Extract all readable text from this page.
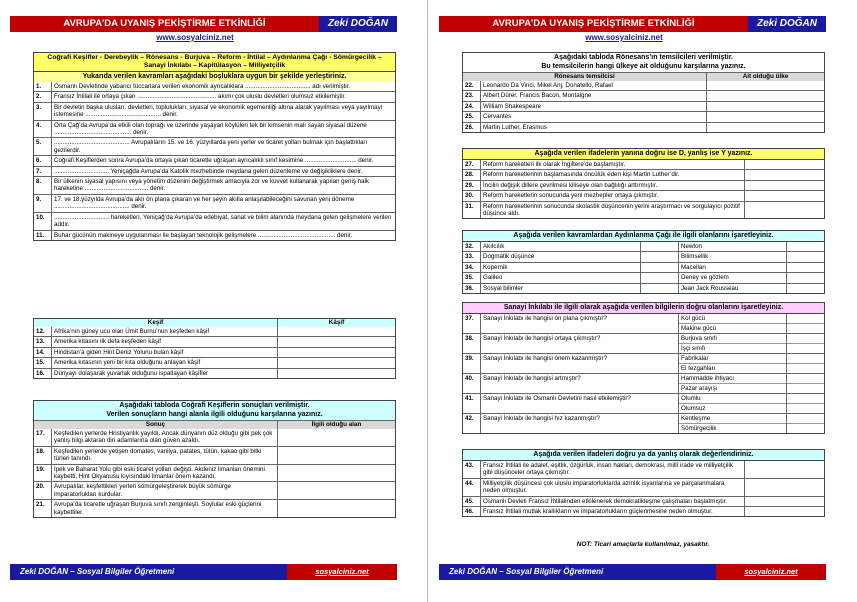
AVRUPA’DA UYANIŞ PEKİŞTİRME ETKİNLİĞİ	Zeki DOĞAN
www.sosyalciniz.net
Coğrafi Keşifler - Derebeylik – Rönesans - Burjuva – Reform - İhtilal – Aydınlanma Çağı - Sömürgecilik – Sanayi İnkılabı – Kapitülasyon – Milliyetçilik
Yukarıda verilen kavramları aşağıdaki boşluklara uygun bir şekilde yerleştiriniz.
1.	Osmanlı Devletinde yabancı tüccarlara verilen ekonomik ayrıcalıklara ...................................... adı verilmiştir.
2.	Fransız İhtilali ile ortaya çıkan .............................................. akımı çok uluslu devletleri olumsuz etkilemiştir.
3.	Bir devletin başka ulusları, devletleri, toplulukları, siyasal ve ekonomik egemenliği altına alarak yayılması veya yayılmayı istemesine ............................................ denir.
4.	Orta Çağ’da Avrupa’da etkili olan toprağı ve üzerinde yaşayan köylüleri tek bir kimsenin malı sayan siyasal düzene ............................................. denir.
5.	............................................ Avrupalıların 15. ve 16. yüzyıllarda yeni yerler ve ticaret yolları bulmak için başlattıkları gezilerdir.
6.	Coğrafi Keşiflerden sonra Avrupa’da ortaya çıkan ticaretle uğraşan ayrıcalıklı sınıf kesimine .............................. denir.
7.	................................ Yeniçağda Avrupa’da Katolik mezhebinde meydana gelen düzenleme ve değişikliklere denir.
8.	Bir ülkenin siyasal yapısını veya yönetim düzenini değiştirmek amacıyla zor ve kuvvet kullanarak yapılan geniş halk hareketine ..................................... denir.
9.	17. ve 18.yüzyılda Avrupa’da aklı ön plana çıkaran ve her şeyin akılla anlaşılabileceğini savunan yeni döneme ............................................ denir.
10.	................................ hareketleri, Yeniçağ’da Avrupa’da edebiyat, sanat ve bilim alanında meydana gelen gelişmelere verilen addır.
11.	Buhar gücünün makineye uygulanması ile başlayan teknolojik gelişmelere ............................................. denir.
Keşif	Kâşif
12.	Afrika’nın güney ucu olan Ümit Burnu’nun keşfeden kâşif
13.	Amerika kıtasını ilk defa keşfeden kâşif
14.	Hindistan’a giden Hint Deniz Yolunu bulan kâşif
15.	Amerika kıtasının yeni bir kıta olduğunu anlayan kâşif
16.	Dünyayı dolaşarak yuvarlak olduğunu ispatlayan kâşifler
Aşağıdaki tabloda Coğrafi Keşiflerin sonuçları verilmiştir.
Verilen sonuçların hangi alanla ilgili olduğunu karşılarına yazınız.
Sonuç	İlgili olduğu alan
17.	Keşfedilen yerlerde Hristiyanlık yayıldı. Ancak dünyanın düz olduğu gibi pek çok yanlış bilgi aktaran din adamlarına olan güven azaldı.
18.	Keşfedilen yerlerde yetişen domates, vanilya, patates, tütün, kakao gibi bitki türleri tanındı.
19.	İpek ve Baharat Yolu gibi eski ticaret yolları değişti. Akdeniz limanları önemini kaybetti, Hint Okyanusu kıyısındaki limanlar önem kazandı.
20.	Avrupalılar, keşfettikleri yerleri sömürgeleştirerek büyük sömürge imparatorlukları kurdular.
21.	Avrupa’da ticaretle uğraşan Burjuva sınıfı zenginleşti. Soylular eski güçlerini kaybettiler.
Zeki DOĞAN – Sosyal Bilgiler Öğretmeni	sosyalciniz.net
AVRUPA’DA UYANIŞ PEKİŞTİRME ETKİNLİĞİ	Zeki DOĞAN
www.sosyalciniz.net
Aşağıdaki tabloda Rönesans’ın temsilcileri verilmiştir.
Bu temsilcilerin hangi ülkeye ait olduğunu karşılarına yazınız.
Rönesans temsilcisi	Ait olduğu ülke
22.	Leonardo Da Vinci, Mikel Anj, Donatello, Rafael
23.	Albert Dürer, Francis Bacon, Montaigne
24.	William Shakespeare
25.	Cervantes
26.	Martin Luther, Erasmus
Aşağıda verilen ifadelerin yanına doğru ise D, yanlış ise Y yazınız.
27.	Reform hareketleri ilk olarak İngiltere’de başlamıştır.
28.	Reform hareketlerinin başlamasında öncülük eden kişi Martin Luther’dir.
29.	İncilin değişik dillere çevrilmesi kiliseye olan bağlılığı arttırmıştır.
30.	Reform hareketlerin sonucunda yeni mezhepler ortaya çıkmıştır.
31.	Reform hareketlerinin sonucunda skolastik düşüncenin yerini araştırmacı ve sorgulayıcı pozitif düşünce aldı.
Aşağıda verilen kavramlardan Aydınlanma Çağı ile ilgili olanlarını işaretleyiniz.
32.	Akılcılık	Newton
33.	Dogmatik düşünce	Bilimsellik
34.	Kopernik	Macellan
35.	Galileo	Deney ve gözlem
36.	Sosyal bilimler	Jean Jack Rousseau
Sanayi İnkılabı ile ilgili olarak aşağıda verilen bilgilerin doğru olanlarını işaretleyiniz.
37.	Sanayi İnkılabı ile hangisi ön plana çıkmıştır?	Kol gücü
Makine gücü

38.	Sanayi İnkılabı ile hangisi ortaya çıkmıştır?	Burjuva sınıfı
İşçi sınıfı

39.	Sanayi İnkılabı ile hangisi önem kazanmıştır?	Fabrikalar
El tezgahları

40.	Sanayi İnkılabı ile hangisi artmıştır?	Hammadde ihtiyacı
Pazar arayışı

41.	Sanayi İnkılabı ile Osmanlı Devletini nasıl etkilemiştir?	Olumlu
Olumsuz

42.	Sanayi İnkılabı ile hangisi hız kazanmıştır?	Kentleşme
Sömürgecilik

Aşağıda verilen ifadeleri doğru ya da yanlış olarak değerlendiriniz.
43.	Fransız İhtilali ile adalet, eşitlik, özgürlük, insan hakları, demokrasi, millî irade ve milliyetçilik gibi düşünceler ortaya çıkmıştır.
44.	Milliyetçilik düşüncesi çok uluslu imparatorluklarda azınlık isyanlarına ve parçalanmalara neden olmuştur.
45.	Osmanlı Devleti Fransız İhtilalinden etkilenerek demokratikleşme çalışmaları başlatmıştır.
46.	Fransız İhtilali mutlak krallıkların ve imparatorlukların güçlenmesine neden olmuştur.
NOT: Ticari amaçlarla kullanılmaz, yasaktır.
Zeki DOĞAN – Sosyal Bilgiler Öğretmeni	sosyalciniz.net
